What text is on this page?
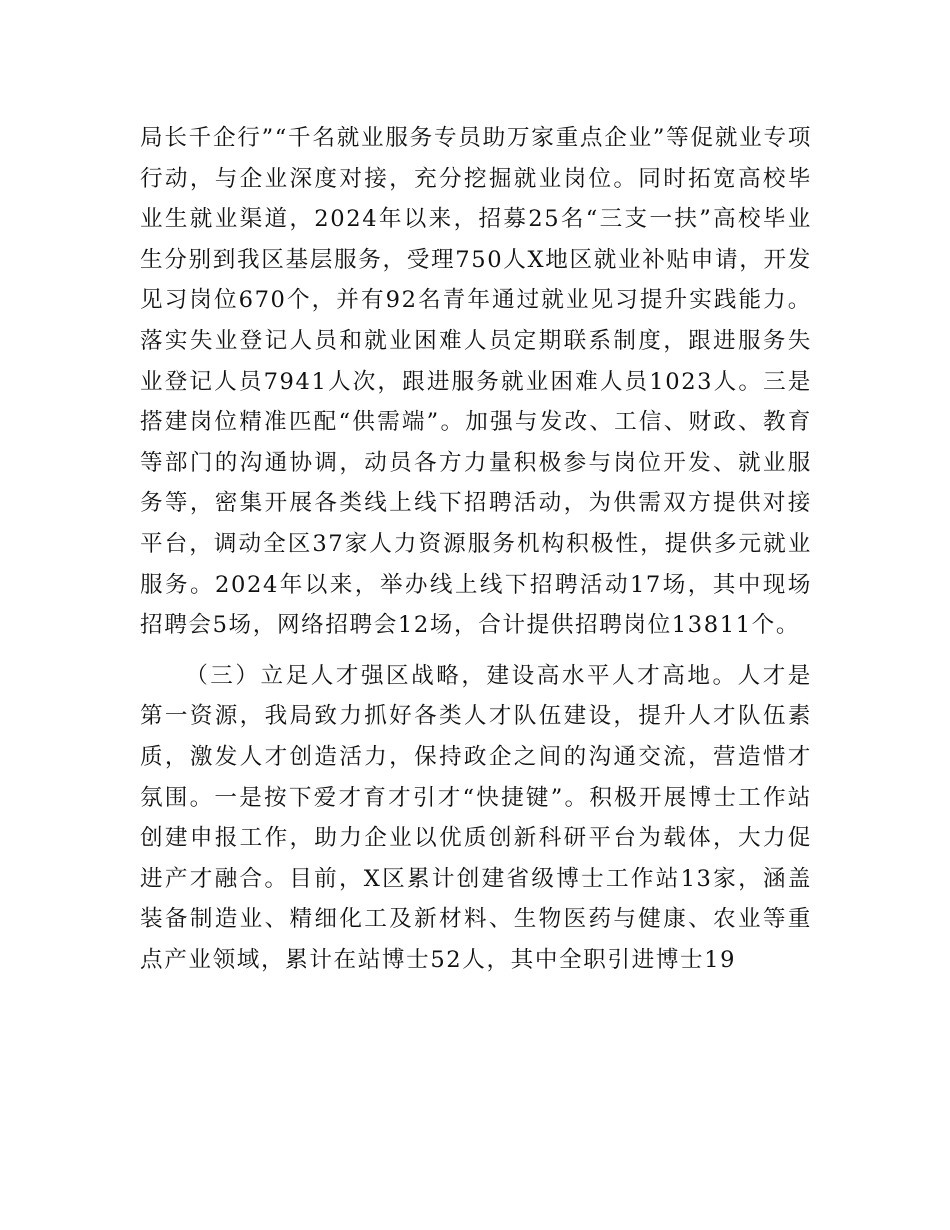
局长千企行”“千名就业服务专员助万家重点企业”等促就业专项行动，与企业深度对接，充分挖掘就业岗位。同时拓宽高校毕业生就业渠道，2024年以来，招募25名“三支一扶”高校毕业生分别到我区基层服务，受理750人X地区就业补贴申请，开发见习岗位670个，并有92名青年通过就业见习提升实践能力。落实失业登记人员和就业困难人员定期联系制度，跟进服务失业登记人员7941人次，跟进服务就业困难人员1023人。三是搭建岗位精准匹配“供需端”。加强与发改、工信、财政、教育等部门的沟通协调，动员各方力量积极参与岗位开发、就业服务等，密集开展各类线上线下招聘活动，为供需双方提供对接平台，调动全区37家人力资源服务机构积极性，提供多元就业服务。2024年以来，举办线上线下招聘活动17场，其中现场招聘会5场，网络招聘会12场，合计提供招聘岗位13811个。

（三）立足人才强区战略，建设高水平人才高地。人才是第一资源，我局致力抓好各类人才队伍建设，提升人才队伍素质，激发人才创造活力，保持政企之间的沟通交流，营造惜才氛围。一是按下爱才育才引才“快捷键”。积极开展博士工作站创建申报工作，助力企业以优质创新科研平台为载体，大力促进产才融合。目前，X区累计创建省级博士工作站13家，涵盖装备制造业、精细化工及新材料、生物医药与健康、农业等重点产业领域，累计在站博士52人，其中全职引进博士19
